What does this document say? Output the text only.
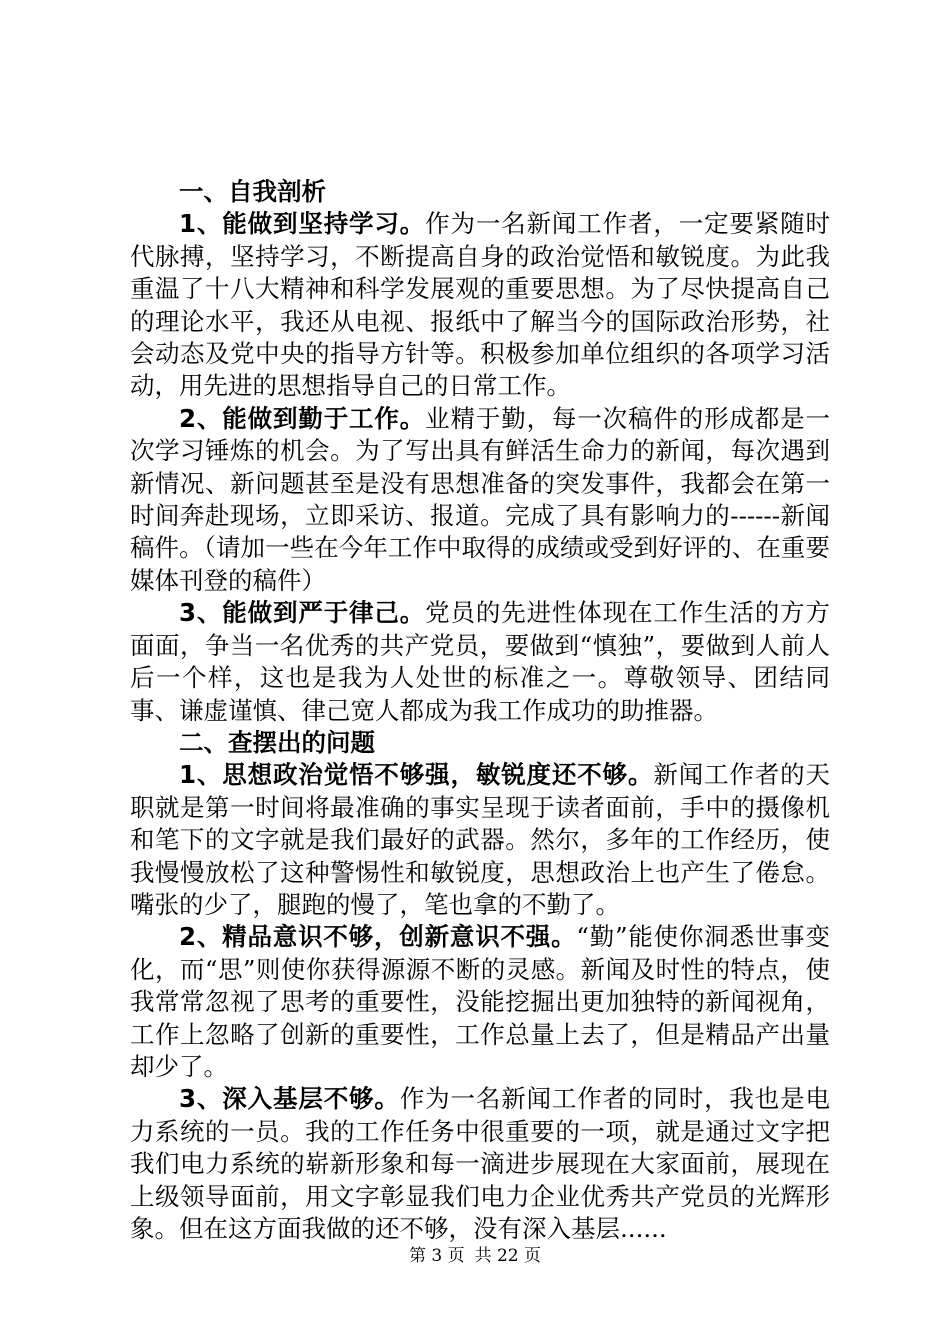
一、自我剖析

1、能做到坚持学习。作为一名新闻工作者，一定要紧随时代脉搏，坚持学习，不断提高自身的政治觉悟和敏锐度。为此我重温了十八大精神和科学发展观的重要思想。为了尽快提高自己的理论水平，我还从电视、报纸中了解当今的国际政治形势，社会动态及党中央的指导方针等。积极参加单位组织的各项学习活动，用先进的思想指导自己的日常工作。

2、能做到勤于工作。业精于勤，每一次稿件的形成都是一次学习锤炼的机会。为了写出具有鲜活生命力的新闻，每次遇到新情况、新问题甚至是没有思想准备的突发事件，我都会在第一时间奔赴现场，立即采访、报道。完成了具有影响力的------新闻稿件。（请加一些在今年工作中取得的成绩或受到好评的、在重要媒体刊登的稿件）

3、能做到严于律己。党员的先进性体现在工作生活的方方面面，争当一名优秀的共产党员，要做到“慎独”，要做到人前人后一个样，这也是我为人处世的标准之一。尊敬领导、团结同事、谦虚谨慎、律己宽人都成为我工作成功的助推器。

二、查摆出的问题

1、思想政治觉悟不够强，敏锐度还不够。新闻工作者的天职就是第一时间将最准确的事实呈现于读者面前，手中的摄像机和笔下的文字就是我们最好的武器。然尔，多年的工作经历，使我慢慢放松了这种警惕性和敏锐度，思想政治上也产生了倦怠。嘴张的少了，腿跑的慢了，笔也拿的不勤了。

2、精品意识不够，创新意识不强。“勤”能使你洞悉世事变化，而“思”则使你获得源源不断的灵感。新闻及时性的特点，使我常常忽视了思考的重要性，没能挖掘出更加独特的新闻视角，工作上忽略了创新的重要性，工作总量上去了，但是精品产出量却少了。

3、深入基层不够。作为一名新闻工作者的同时，我也是电力系统的一员。我的工作任务中很重要的一项，就是通过文字把我们电力系统的崭新形象和每一滴进步展现在大家面前，展现在上级领导面前，用文字彰显我们电力企业优秀共产党员的光辉形象。但在这方面我做的还不够，没有深入基层......

第 3 页 共 22 页
